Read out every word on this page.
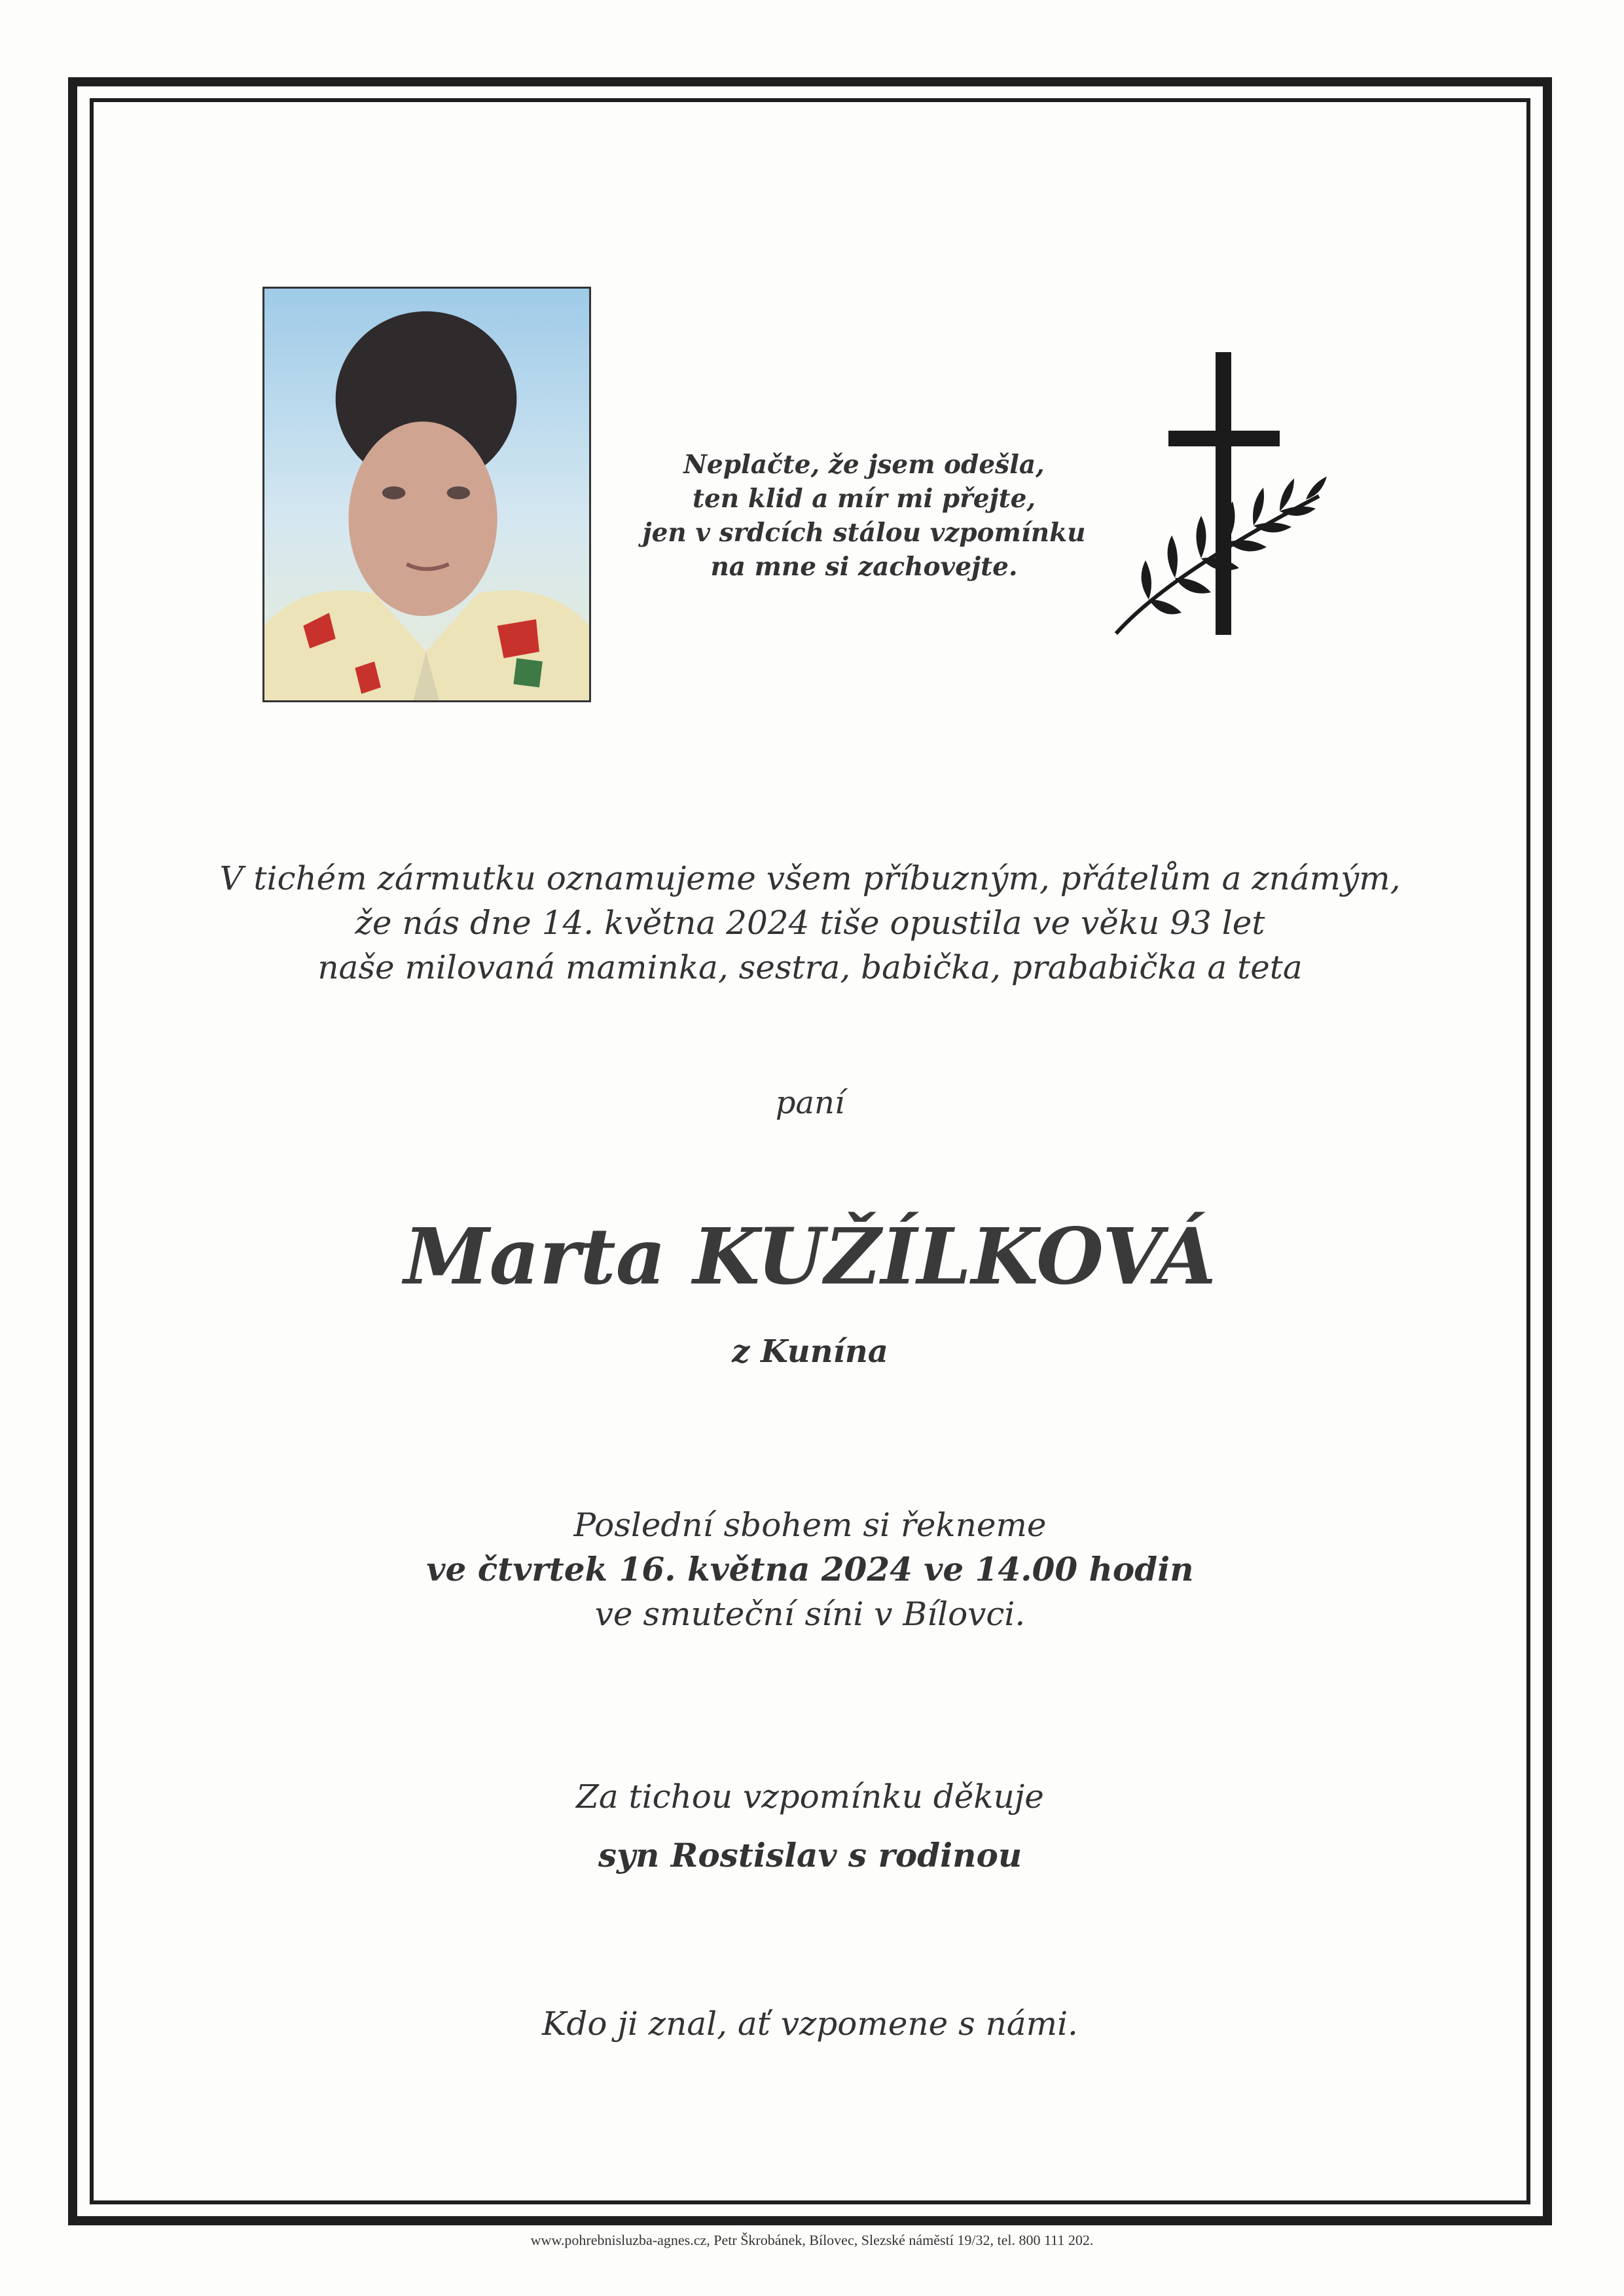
Neplačte, že jsem odešla,
ten klid a mír mi přejte,
jen v srdcích stálou vzpomínku
na mne si zachovejte.
V tichém zármutku oznamujeme všem příbuzným, přátelům a známým,
že nás dne 14. května 2024 tiše opustila ve věku 93 let
naše milovaná maminka, sestra, babička, prababička a teta
paní
Marta KUŽÍLKOVÁ
z Kunína
Poslední sbohem si řekneme
ve čtvrtek 16. května 2024 ve 14.00 hodin
ve smuteční síni v Bílovci.
Za tichou vzpomínku děkuje
syn Rostislav s rodinou
Kdo ji znal, ať vzpomene s námi.
www.pohrebnisluzba-agnes.cz, Petr Škrobánek, Bílovec, Slezské náměstí 19/32, tel. 800 111 202.
